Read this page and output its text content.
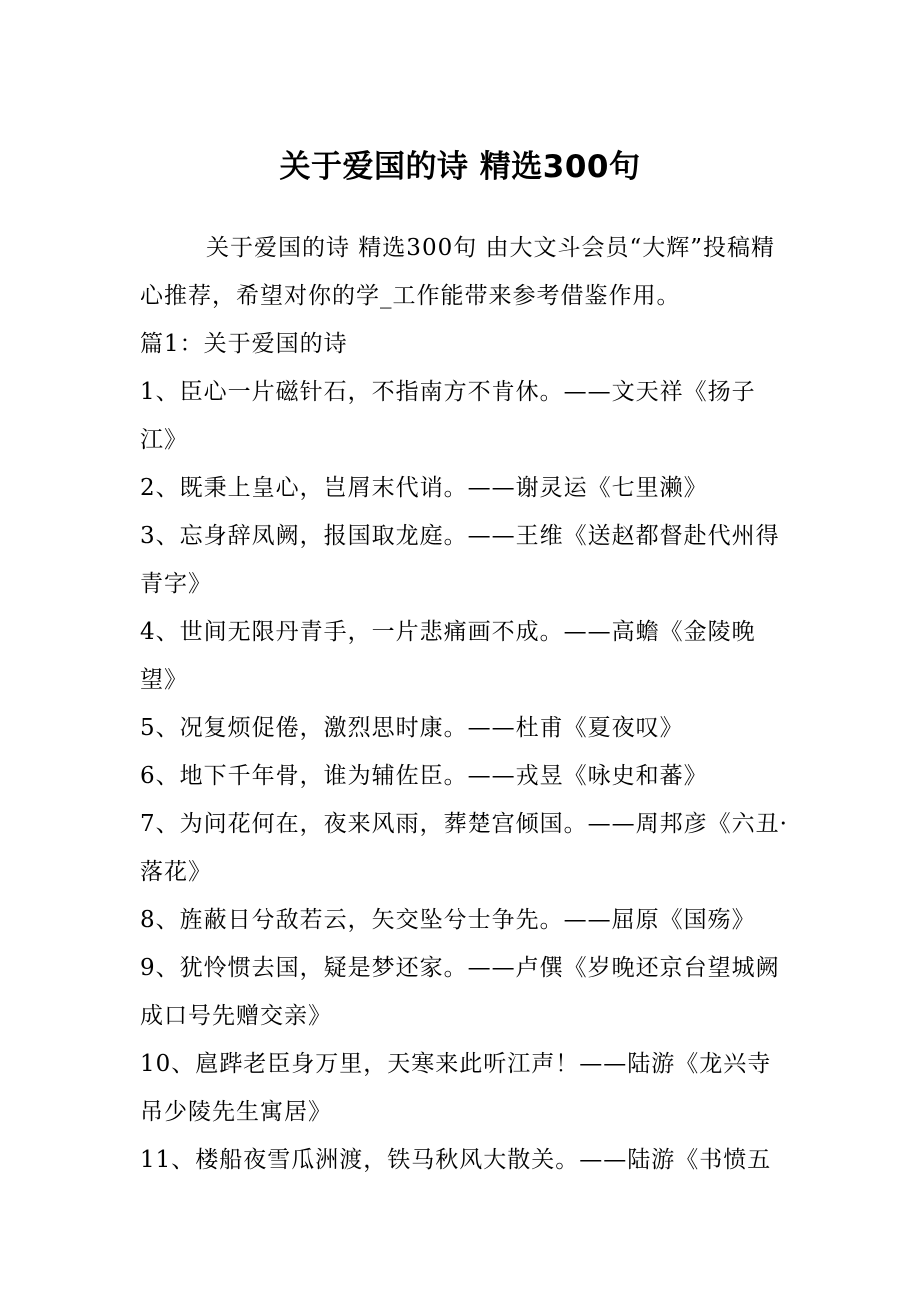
关于爱国的诗 精选300句

关于爱国的诗 精选300句 由大文斗会员“大辉”投稿精心推荐，希望对你的学_工作能带来参考借鉴作用。

篇1：关于爱国的诗

1、臣心一片磁针石，不指南方不肯休。——文天祥《扬子江》

2、既秉上皇心，岂屑末代诮。——谢灵运《七里濑》

3、忘身辞凤阙，报国取龙庭。——王维《送赵都督赴代州得青字》

4、世间无限丹青手，一片悲痛画不成。——高蟾《金陵晚望》

5、况复烦促倦，激烈思时康。——杜甫《夏夜叹》

6、地下千年骨，谁为辅佐臣。——戎昱《咏史和蕃》

7、为问花何在，夜来风雨，葬楚宫倾国。——周邦彦《六丑·落花》

8、旌蔽日兮敌若云，矢交坠兮士争先。——屈原《国殇》

9、犹怜惯去国，疑是梦还家。——卢僎《岁晚还京台望城阙成口号先赠交亲》

10、扈跸老臣身万里，天寒来此听江声！——陆游《龙兴寺吊少陵先生寓居》

11、楼船夜雪瓜洲渡，铁马秋风大散关。——陆游《书愤五
